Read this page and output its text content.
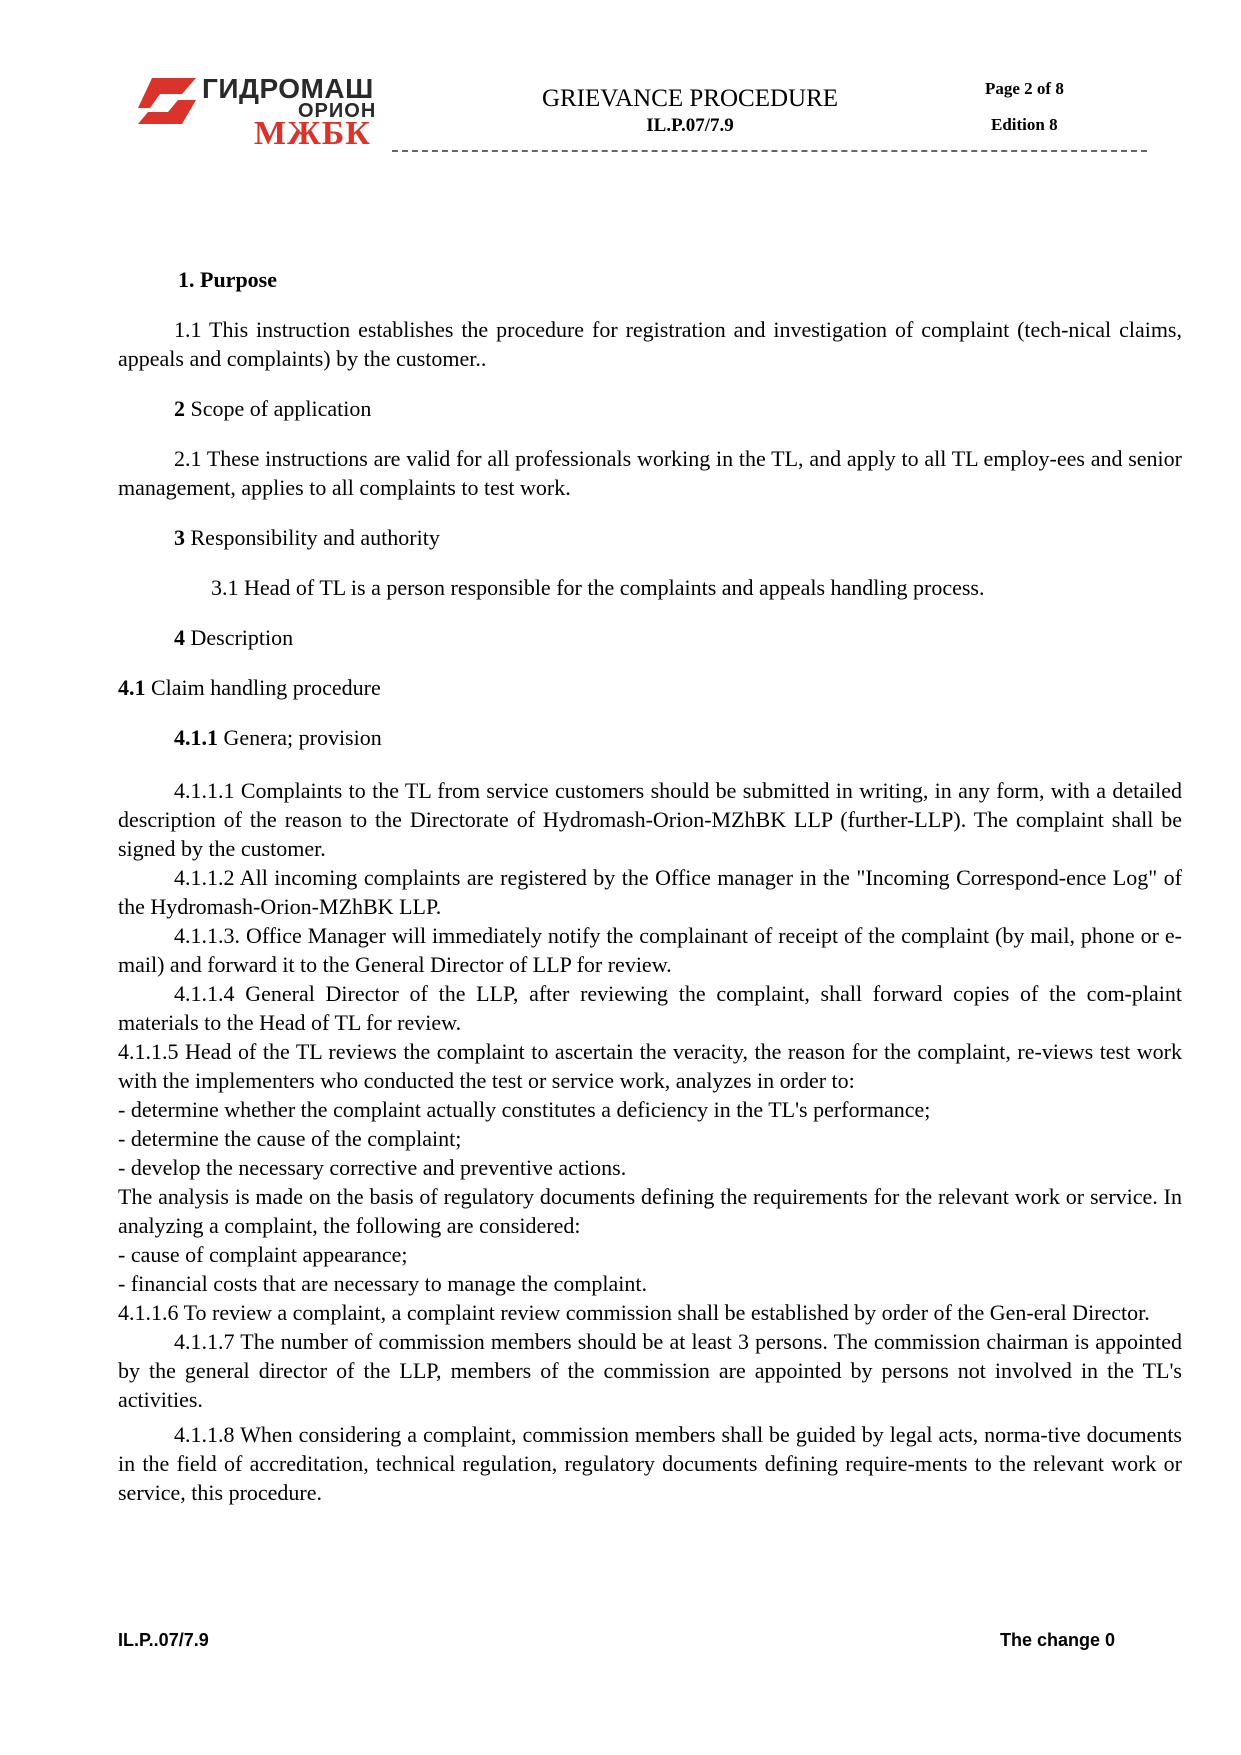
ГИДРОМАШ

ОРИОН

МЖБК

GRIEVANCE PROCEDURE
IL.P.07/7.9
Page 2 of 8
Edition 8

1. Purpose

1.1 This instruction establishes the procedure for registration and investigation of complaint (tech-nical claims, appeals and complaints) by the customer..

2 Scope of application

2.1 These instructions are valid for all professionals working in the TL, and apply to all TL employ-ees and senior management, applies to all complaints to test work.

3 Responsibility and authority

3.1 Head of TL is a person responsible for the complaints and appeals handling process.

4 Description

4.1 Claim handling procedure

4.1.1 Genera; provision

4.1.1.1 Complaints to the TL from service customers should be submitted in writing, in any form, with a detailed description of the reason to the Directorate of Hydromash-Orion-MZhBK LLP (further-LLP). The complaint shall be signed by the customer.

4.1.1.2 All incoming complaints are registered by the Office manager in the "Incoming Correspond-ence Log" of the Hydromash-Orion-MZhBK LLP.

4.1.1.3. Office Manager will immediately notify the complainant of receipt of the complaint (by mail, phone or e-mail) and forward it to the General Director of LLP for review.

4.1.1.4 General Director of the LLP, after reviewing the complaint, shall forward copies of the com-plaint materials to the Head of TL for review.

4.1.1.5 Head of the TL reviews the complaint to ascertain the veracity, the reason for the complaint, re-views test work with the implementers who conducted the test or service work, analyzes in order to:

- determine whether the complaint actually constitutes a deficiency in the TL's performance;

- determine the cause of the complaint;

- develop the necessary corrective and preventive actions.

The analysis is made on the basis of regulatory documents defining the requirements for the relevant work or service. In analyzing a complaint, the following are considered:

- cause of complaint appearance;

- financial costs that are necessary to manage the complaint.

4.1.1.6 To review a complaint, a complaint review commission shall be established by order of the Gen-eral Director.

4.1.1.7 The number of commission members should be at least 3 persons. The commission chairman is appointed by the general director of the LLP, members of the commission are appointed by persons not involved in the TL's activities.

4.1.1.8 When considering a complaint, commission members shall be guided by legal acts, norma-tive documents in the field of accreditation, technical regulation, regulatory documents defining require-ments to the relevant work or service, this procedure.

IL.P..07/7.9	The change 0
